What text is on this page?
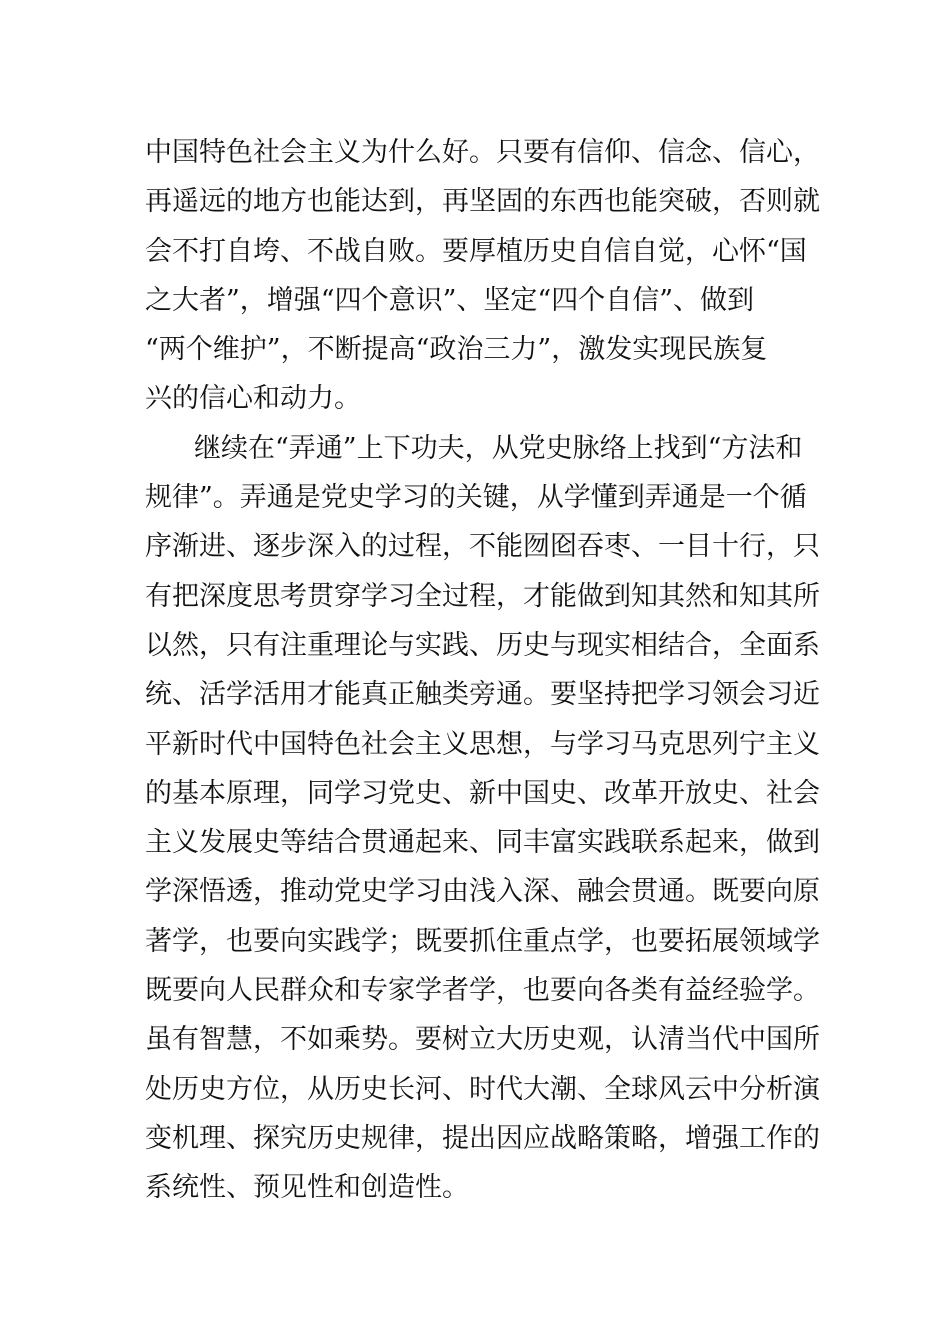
中国特色社会主义为什么好。只要有信仰、信念、信心，
再遥远的地方也能达到，再坚固的东西也能突破，否则就
会不打自垮、不战自败。要厚植历史自信自觉，心怀“国
之大者”，增强“四个意识”、坚定“四个自信”、做到
“两个维护”，不断提高“政治三力”，激发实现民族复
兴的信心和动力。
继续在“弄通”上下功夫，从党史脉络上找到“方法和
规律”。弄通是党史学习的关键，从学懂到弄通是一个循
序渐进、逐步深入的过程，不能囫囵吞枣、一目十行，只
有把深度思考贯穿学习全过程，才能做到知其然和知其所
以然，只有注重理论与实践、历史与现实相结合，全面系
统、活学活用才能真正触类旁通。要坚持把学习领会习近
平新时代中国特色社会主义思想，与学习马克思列宁主义
的基本原理，同学习党史、新中国史、改革开放史、社会
主义发展史等结合贯通起来、同丰富实践联系起来，做到
学深悟透，推动党史学习由浅入深、融会贯通。既要向原
著学，也要向实践学；既要抓住重点学，也要拓展领域学
既要向人民群众和专家学者学，也要向各类有益经验学。
虽有智慧，不如乘势。要树立大历史观，认清当代中国所
处历史方位，从历史长河、时代大潮、全球风云中分析演
变机理、探究历史规律，提出因应战略策略，增强工作的
系统性、预见性和创造性。
